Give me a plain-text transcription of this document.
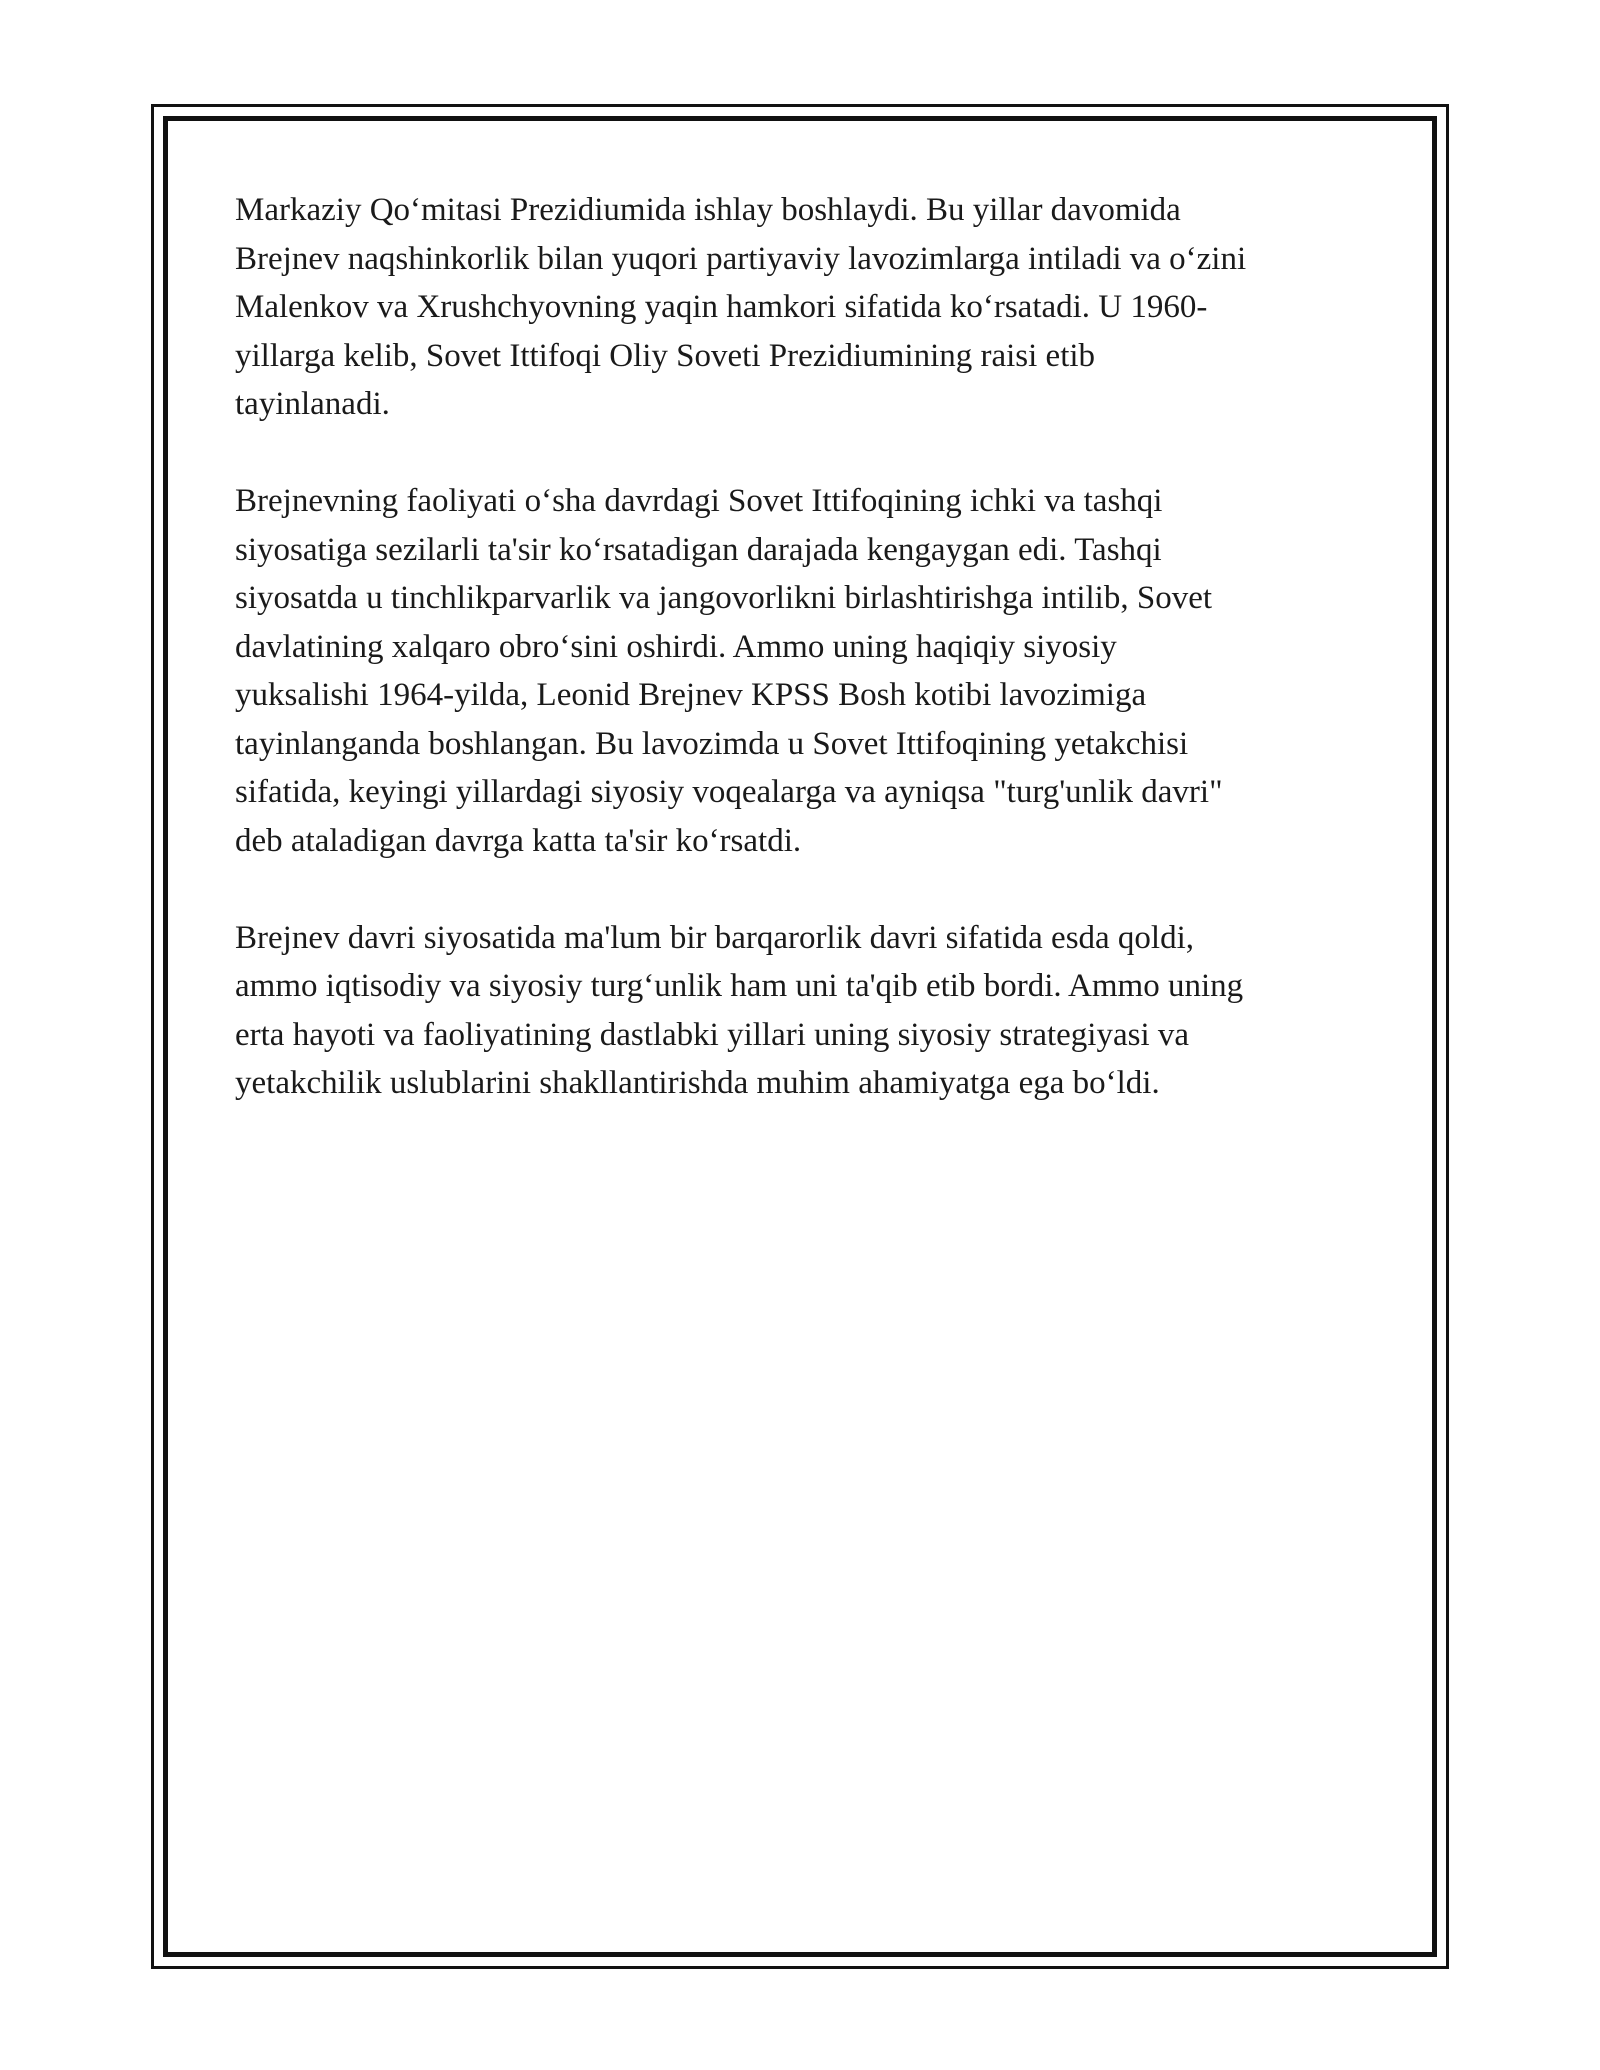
Markaziy Qoʻmitasi Prezidiumida ishlay boshlaydi. Bu yillar davomida
Brejnev naqshinkorlik bilan yuqori partiyaviy lavozimlarga intiladi va oʻzini
Malenkov va Xrushchyovning yaqin hamkori sifatida koʻrsatadi. U 1960-
yillarga kelib, Sovet Ittifoqi Oliy Soveti Prezidiumining raisi etib
tayinlanadi.

Brejnevning faoliyati oʻsha davrdagi Sovet Ittifoqining ichki va tashqi
siyosatiga sezilarli ta'sir koʻrsatadigan darajada kengaygan edi. Tashqi
siyosatda u tinchlikparvarlik va jangovorlikni birlashtirishga intilib, Sovet
davlatining xalqaro obroʻsini oshirdi. Ammo uning haqiqiy siyosiy
yuksalishi 1964-yilda, Leonid Brejnev KPSS Bosh kotibi lavozimiga
tayinlanganda boshlangan. Bu lavozimda u Sovet Ittifoqining yetakchisi
sifatida, keyingi yillardagi siyosiy voqealarga va ayniqsa "turg'unlik davri"
deb ataladigan davrga katta ta'sir koʻrsatdi.

Brejnev davri siyosatida ma'lum bir barqarorlik davri sifatida esda qoldi,
ammo iqtisodiy va siyosiy turgʻunlik ham uni ta'qib etib bordi. Ammo uning
erta hayoti va faoliyatining dastlabki yillari uning siyosiy strategiyasi va
yetakchilik uslublarini shakllantirishda muhim ahamiyatga ega boʻldi.
